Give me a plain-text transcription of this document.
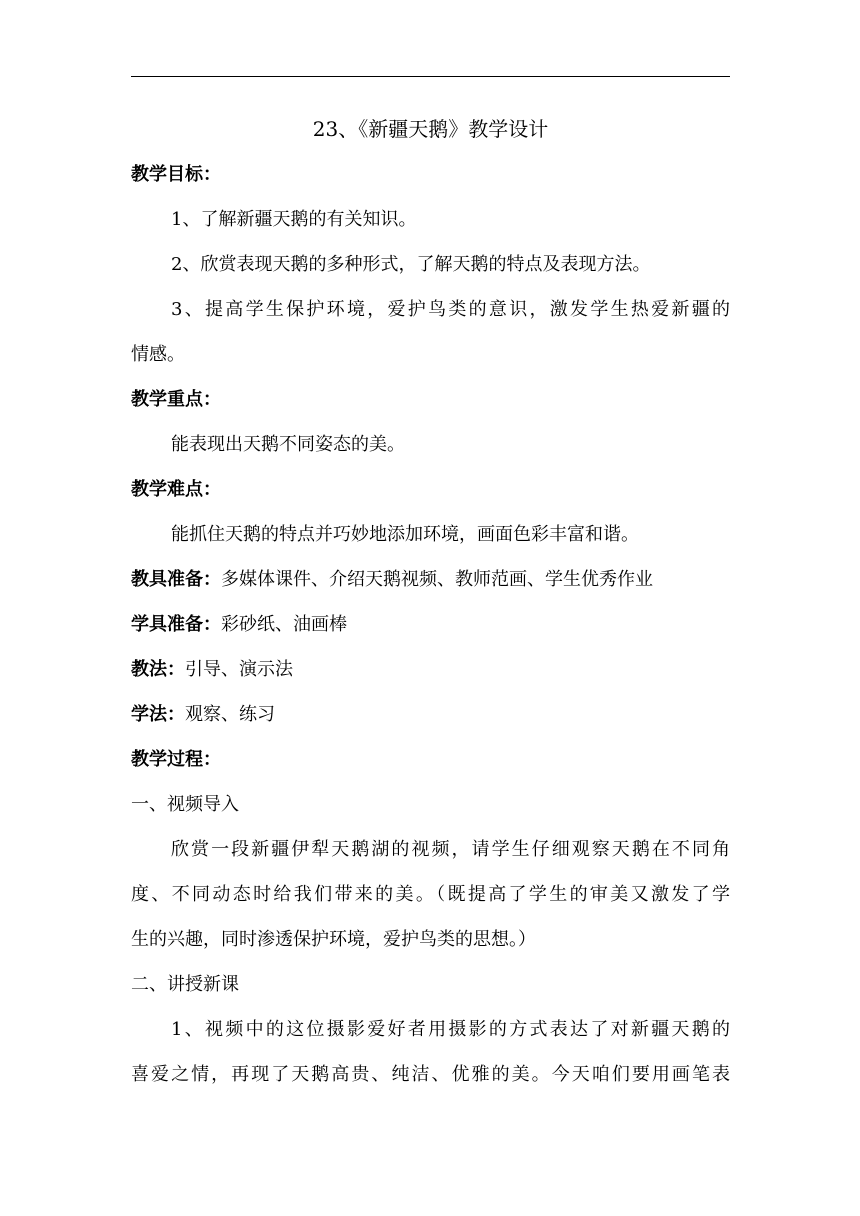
23、《新疆天鹅》教学设计
教学目标：
1、了解新疆天鹅的有关知识。
2、欣赏表现天鹅的多种形式，了解天鹅的特点及表现方法。
3、提高学生保护环境，爱护鸟类的意识，激发学生热爱新疆的
情感。
教学重点：
能表现出天鹅不同姿态的美。
教学难点：
能抓住天鹅的特点并巧妙地添加环境，画面色彩丰富和谐。
教具准备：多媒体课件、介绍天鹅视频、教师范画、学生优秀作业
学具准备：彩砂纸、油画棒
教法：引导、演示法
学法：观察、练习
教学过程：
一、视频导入
欣赏一段新疆伊犁天鹅湖的视频，请学生仔细观察天鹅在不同角
度、不同动态时给我们带来的美。（既提高了学生的审美又激发了学
生的兴趣，同时渗透保护环境，爱护鸟类的思想。）
二、讲授新课
1、视频中的这位摄影爱好者用摄影的方式表达了对新疆天鹅的
喜爱之情，再现了天鹅高贵、纯洁、优雅的美。今天咱们要用画笔表
